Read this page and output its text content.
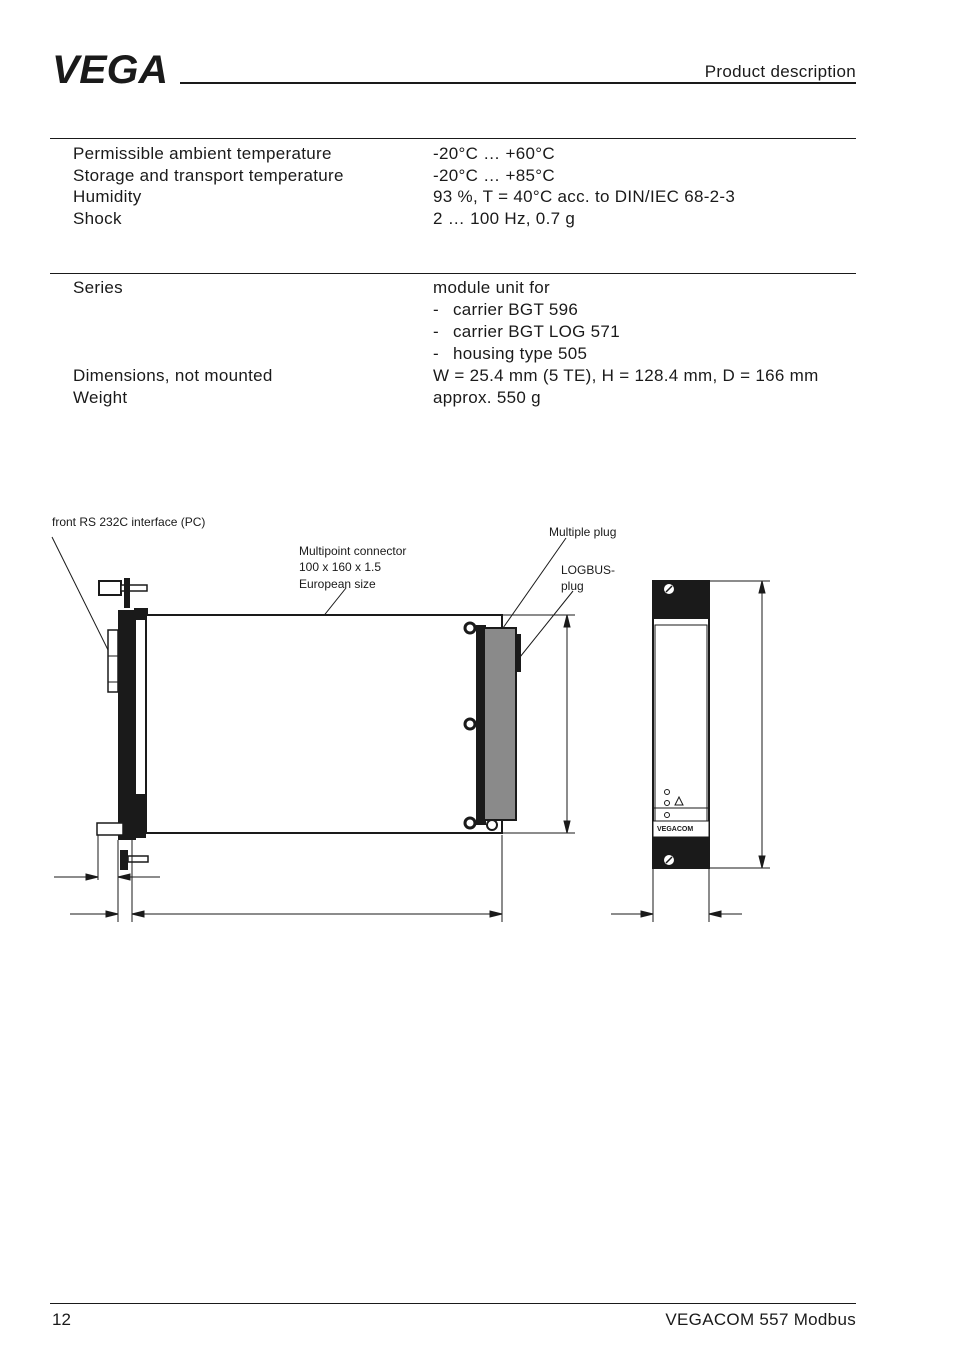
VEGA	Product description
Permissible ambient temperature	-20°C … +60°C
Storage and transport temperature	-20°C … +85°C
Humidity	93 %, T = 40°C acc. to DIN/IEC 68-2-3
Shock	2 … 100 Hz, 0.7 g
Series	module unit for
- carrier BGT 596
- carrier BGT LOG 571
- housing type 505
Dimensions, not mounted	W = 25.4 mm (5 TE), H = 128.4 mm, D = 166 mm
Weight	approx. 550 g
front RS 232C interface (PC)
Multipoint connector
100 x 160 x 1.5
European size
Multiple plug
LOGBUS-
plug
VEGACOM
12	VEGACOM 557 Modbus
